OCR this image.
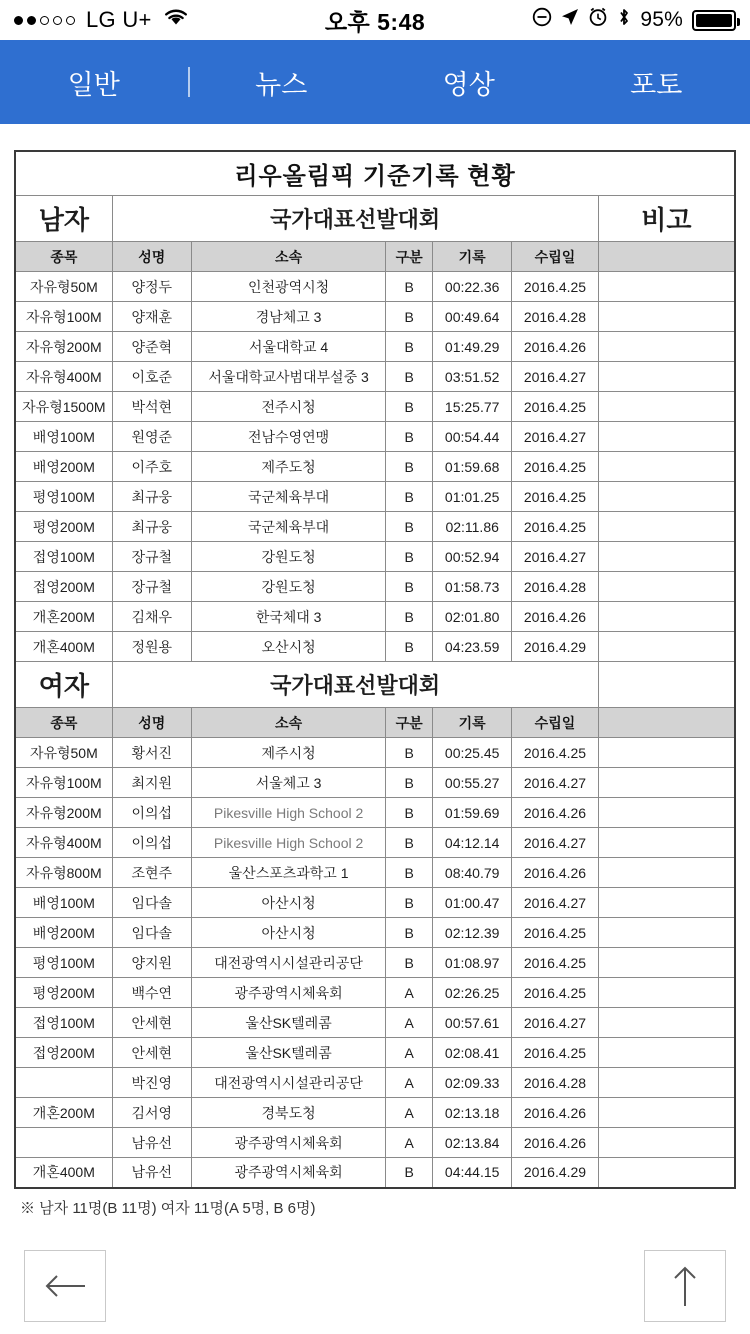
LG U+	오후 5:48	95%
일반	뉴스	영상	포토
리우올림픽 기준기록 현황						
남자	국가대표선발대회					비고
종목	성명	소속	구분	기록	수립일	
자유형50M	양정두	인천광역시청	B	00:22.36	2016.4.25	
자유형100M	양재훈	경남체고 3	B	00:49.64	2016.4.28	
자유형200M	양준혁	서울대학교 4	B	01:49.29	2016.4.26	
자유형400M	이호준	서울대학교사범대부설중 3	B	03:51.52	2016.4.27	
자유형1500M	박석현	전주시청	B	15:25.77	2016.4.25	
배영100M	원영준	전남수영연맹	B	00:54.44	2016.4.27	
배영200M	이주호	제주도청	B	01:59.68	2016.4.25	
평영100M	최규웅	국군체육부대	B	01:01.25	2016.4.25	
평영200M	최규웅	국군체육부대	B	02:11.86	2016.4.25	
접영100M	장규철	강원도청	B	00:52.94	2016.4.27	
접영200M	장규철	강원도청	B	01:58.73	2016.4.28	
개혼200M	김채우	한국체대 3	B	02:01.80	2016.4.26	
개혼400M	정원용	오산시청	B	04:23.59	2016.4.29	
여자	국가대표선발대회					
종목	성명	소속	구분	기록	수립일	
자유형50M	황서진	제주시청	B	00:25.45	2016.4.25	
자유형100M	최지원	서울체고 3	B	00:55.27	2016.4.27	
자유형200M	이의섭	Pikesville High School 2	B	01:59.69	2016.4.26	
자유형400M	이의섭	Pikesville High School 2	B	04:12.14	2016.4.27	
자유형800M	조현주	울산스포츠과학고 1	B	08:40.79	2016.4.26	
배영100M	임다솔	아산시청	B	01:00.47	2016.4.27	
배영200M	임다솔	아산시청	B	02:12.39	2016.4.25	
평영100M	양지원	대전광역시시설관리공단	B	01:08.97	2016.4.25	
평영200M	백수연	광주광역시체육회	A	02:26.25	2016.4.25	
접영100M	안세현	울산SK텔레콤	A	00:57.61	2016.4.27	
접영200M	안세현	울산SK텔레콤	A	02:08.41	2016.4.25	
	박진영	대전광역시시설관리공단	A	02:09.33	2016.4.28	
개혼200M	김서영	경북도청	A	02:13.18	2016.4.26	
	남유선	광주광역시체육회	A	02:13.84	2016.4.26	
개혼400M	남유선	광주광역시체육회	B	04:44.15	2016.4.29	
※ 남자 11명(B 11명) 여자 11명(A 5명, B 6명)
